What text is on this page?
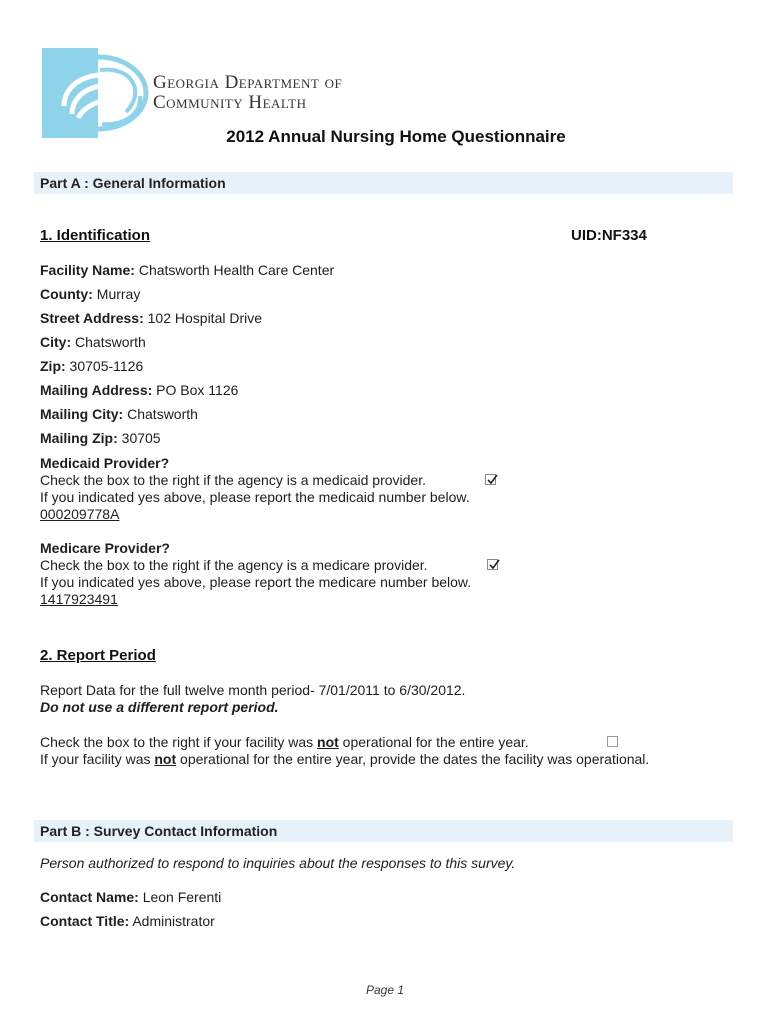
Georgia Department of
Community Health
2012 Annual Nursing Home Questionnaire
Part A : General Information
1. Identification	UID:NF334
Facility Name: Chatsworth Health Care Center
County: Murray
Street Address: 102 Hospital Drive
City: Chatsworth
Zip: 30705-1126
Mailing Address: PO Box 1126
Mailing City: Chatsworth
Mailing Zip: 30705
Medicaid Provider?
Check the box to the right if the agency is a medicaid provider.
If you indicated yes above, please report the medicaid number below.
000209778A
Medicare Provider?
Check the box to the right if the agency is a medicare provider.
If you indicated yes above, please report the medicare number below.
1417923491
2. Report Period
Report Data for the full twelve month period- 7/01/2011 to 6/30/2012.
Do not use a different report period.
Check the box to the right if your facility was not operational for the entire year.
If your facility was not operational for the entire year, provide the dates the facility was operational.
Part B : Survey Contact Information
Person authorized to respond to inquiries about the responses to this survey.
Contact Name: Leon Ferenti
Contact Title: Administrator
Page 1
